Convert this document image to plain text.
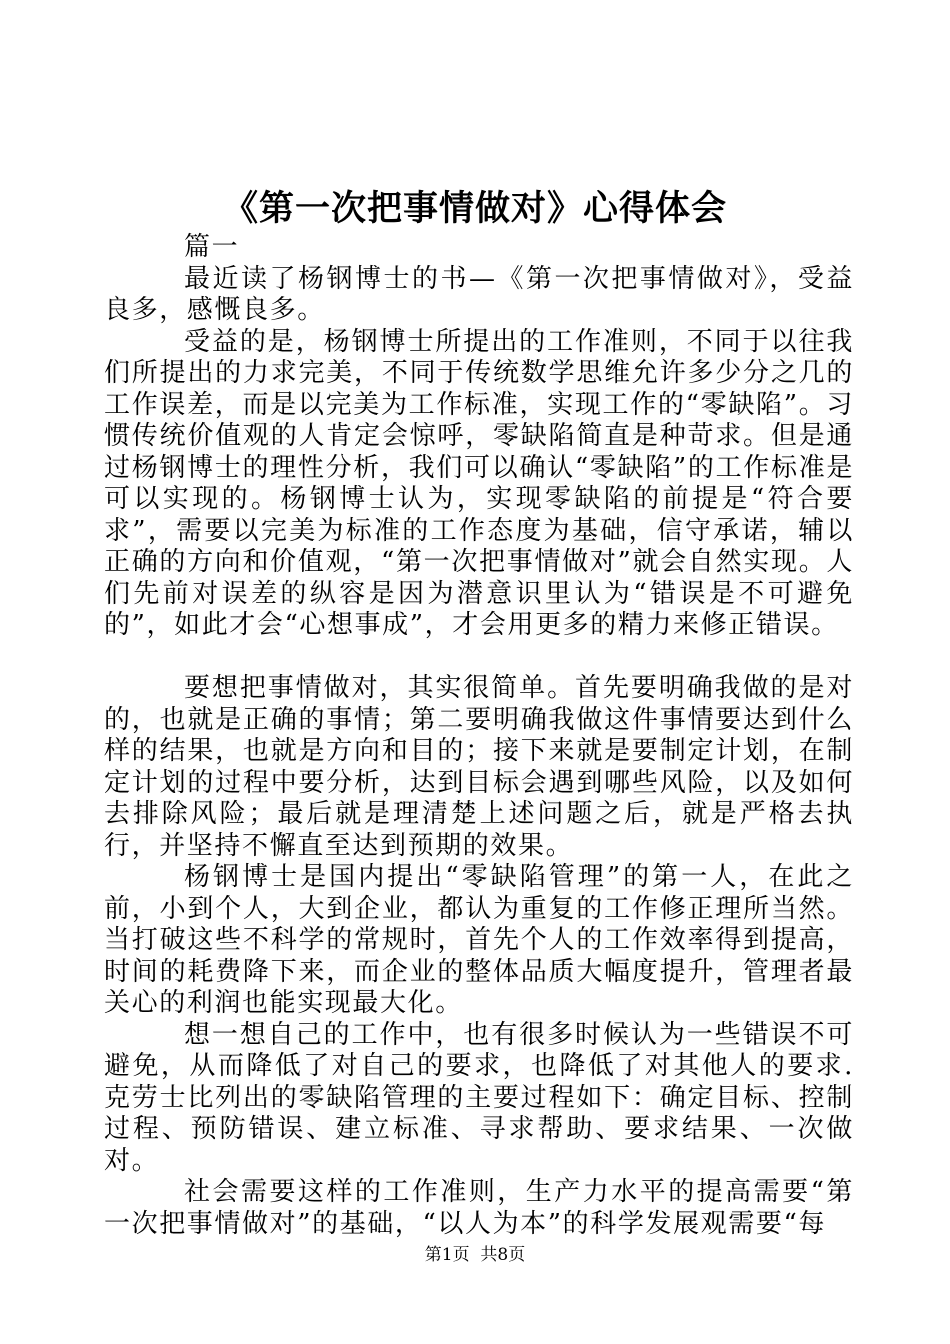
《第一次把事情做对》心得体会

篇一

最近读了杨钢博士的书—《第一次把事情做对》，受益良多，感慨良多。

受益的是，杨钢博士所提出的工作准则，不同于以往我们所提出的力求完美，不同于传统数学思维允许多少分之几的工作误差，而是以完美为工作标准，实现工作的“零缺陷”。习惯传统价值观的人肯定会惊呼，零缺陷简直是种苛求。但是通过杨钢博士的理性分析，我们可以确认“零缺陷”的工作标准是可以实现的。杨钢博士认为，实现零缺陷的前提是“符合要求”，需要以完美为标准的工作态度为基础，信守承诺，辅以正确的方向和价值观，“第一次把事情做对”就会自然实现。人们先前对误差的纵容是因为潜意识里认为“错误是不可避免的”，如此才会“心想事成”，才会用更多的精力来修正错误。

要想把事情做对，其实很简单。首先要明确我做的是对的，也就是正确的事情；第二要明确我做这件事情要达到什么样的结果，也就是方向和目的；接下来就是要制定计划，在制定计划的过程中要分析，达到目标会遇到哪些风险，以及如何去排除风险；最后就是理清楚上述问题之后，就是严格去执行，并坚持不懈直至达到预期的效果。

杨钢博士是国内提出“零缺陷管理”的第一人，在此之前，小到个人，大到企业，都认为重复的工作修正理所当然。当打破这些不科学的常规时，首先个人的工作效率得到提高，时间的耗费降下来，而企业的整体品质大幅度提升，管理者最关心的利润也能实现最大化。

想一想自己的工作中，也有很多时候认为一些错误不可避免，从而降低了对自己的要求，也降低了对其他人的要求.克劳士比列出的零缺陷管理的主要过程如下：确定目标、控制过程、预防错误、建立标准、寻求帮助、要求结果、一次做对。

社会需要这样的工作准则，生产力水平的提高需要“第一次把事情做对”的基础，“以人为本”的科学发展观需要“每

第1页 共8页
